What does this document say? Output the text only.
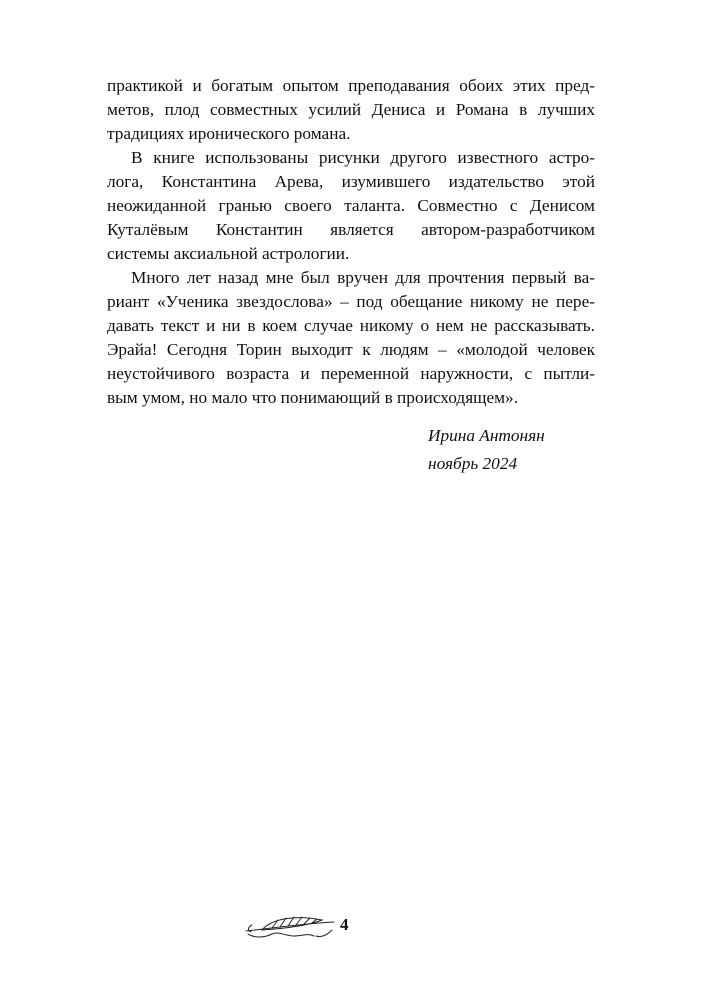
практикой и богатым опытом преподавания обоих этих пред-
метов, плод совместных усилий Дениса и Романа в лучших
традициях иронического романа.
В книге использованы рисунки другого известного астро-
лога, Константина Арева, изумившего издательство этой
неожиданной гранью своего таланта. Совместно с Денисом
Куталёвым Константин является автором-разработчиком
системы аксиальной астрологии.
Много лет назад мне был вручен для прочтения первый ва-
риант «Ученика звездослова» – под обещание никому не пере-
давать текст и ни в коем случае никому о нем не рассказывать.
Эрайа! Сегодня Торин выходит к людям – «молодой человек
неустойчивого возраста и переменной наружности, с пытли-
вым умом, но мало что понимающий в происходящем».
Ирина Антонян
ноябрь 2024
4
